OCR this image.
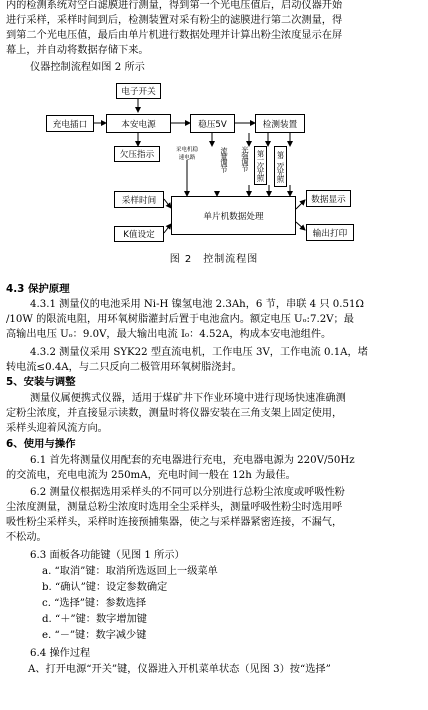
内的检测系统对空白滤膜进行测量，得到第一个光电压值后，启动仪器开始
进行采样，采样时间到后，检测装置对采有粉尘的滤膜进行第二次测量，得
到第二个光电压值，最后由单片机进行数据处理并计算出粉尘浓度显示在屏
幕上，并自动将数据存储下来。
仪器控制流程如图 2 所示
电子开关
充电插口	本安电源	稳压5V	检测装置
欠压指示	采电机稳速电路	流量调节 光强调节 第一次光照	第二次光照
采样时间
单片机数据处理
数据显示
K值设定	输出打印
图 2　控制流程图
4.3 保护原理
4.3.1 测量仪的电池采用 Ni-H 镍氢电池 2.3Ah，6 节，串联 4 只 0.51Ω
/10W 的限流电阻，用环氧树脂灌封后置于电池盒内。额定电压 Uₒ:7.2V；最
高输出电压 Uₒ：9.0V，最大输出电流 I₀：4.52A，构成本安电池组件。
4.3.2 测量仪采用 SYK22 型直流电机，工作电压 3V，工作电流 0.1A，堵
转电流≤0.4A，与二只反向二极管用环氧树脂浇封。
5、安装与调整
测量仪属便携式仪器，适用于煤矿井下作业环境中进行现场快速准确测
定粉尘浓度，并直接显示读数，测量时将仪器安装在三角支架上固定使用，
采样头迎着风流方向。
6、使用与操作
6.1 首先将测量仪用配套的充电器进行充电，充电器电源为 220V/50Hz
的交流电，充电电流为 250mA，充电时间一般在 12h 为最佳。
6.2 测量仪根据选用采样头的不同可以分别进行总粉尘浓度或呼吸性粉
尘浓度测量，测量总粉尘浓度时选用全尘采样头，测量呼吸性粉尘时选用呼
吸性粉尘采样头，采样时连接预捕集器，使之与采样器紧密连接，不漏气，
不松动。
6.3 面板各功能键（见图 1 所示）
a. “取消”键：取消所选返回上一级菜单
b. “确认”键：设定参数确定
c. “选择”键：参数选择
d. “＋”键：数字增加键
e. “－”键：数字减少键
6.4 操作过程
A、打开电源“开关”键，仪器进入开机菜单状态（见图 3）按“选择”
